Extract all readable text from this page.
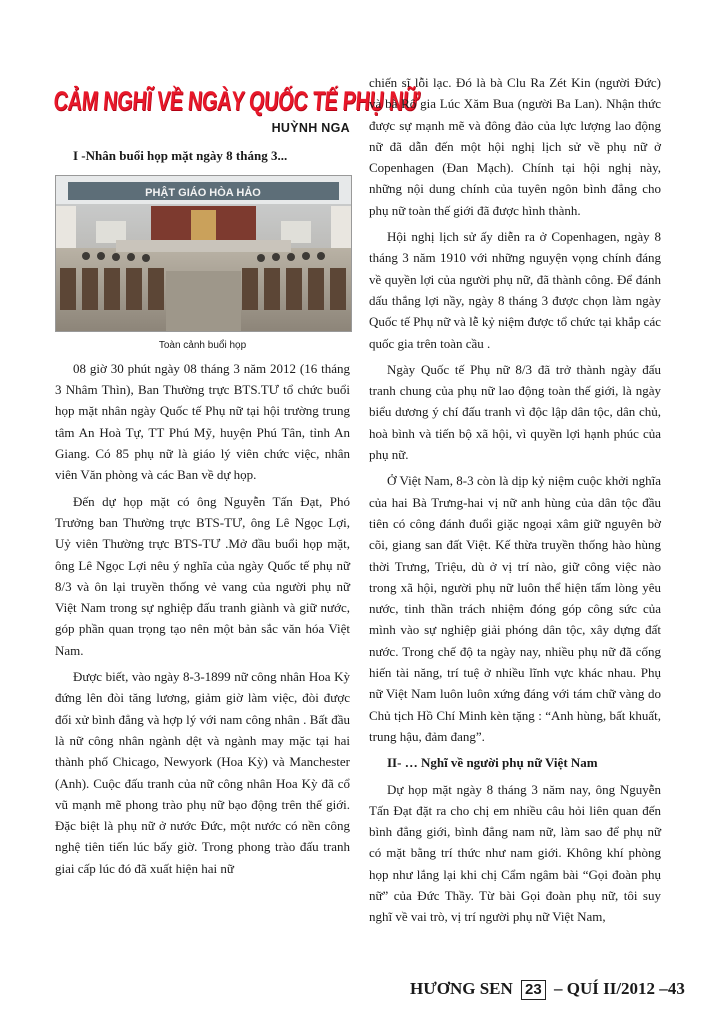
CẢM NGHĨ VỀ NGÀY QUỐC TẾ PHỤ NỮ
HUỲNH NGA
I -Nhân buổi họp mặt ngày 8 tháng 3...
PHẬT GIÁO HÒA HẢO
Toàn cảnh buổi họp

08 giờ 30 phút ngày 08 tháng 3 năm 2012 (16 tháng 3 Nhâm Thìn), Ban Thường trực BTS.TƯ tổ chức buổi họp mặt nhân ngày Quốc tế Phụ nữ tại hội trường trung tâm An Hoà Tự, TT Phú Mỹ, huyện Phú Tân, tỉnh An Giang. Có 85 phụ nữ là giáo lý viên chức việc, nhân viên Văn phòng và các Ban về dự họp.

Đến dự họp mặt có ông Nguyễn Tấn Đạt, Phó Trưởng ban Thường trực BTS-TƯ, ông Lê Ngọc Lợi, Uỷ viên Thường trực BTS-TƯ .Mở đầu buổi họp mặt, ông Lê Ngọc Lợi nêu ý nghĩa của ngày Quốc tế phụ nữ 8/3 và ôn lại truyền thống vẻ vang của người phụ nữ Việt Nam trong sự nghiệp đấu tranh giành và giữ nước, góp phần quan trọng tạo nên một bản sắc văn hóa Việt Nam.

Được biết, vào ngày 8-3-1899 nữ công nhân Hoa Kỳ đứng lên đòi tăng lương, giảm giờ làm việc, đòi được đối xử bình đẳng và hợp lý với nam công nhân . Bất đầu là nữ công nhân ngành dệt và ngành may mặc tại hai thành phố Chicago, Newyork (Hoa Kỳ) và Manchester (Anh). Cuộc đấu tranh của nữ công nhân Hoa Kỳ đã cổ vũ mạnh mẽ phong trào phụ nữ bạo động trên thế giới. Đặc biệt là phụ nữ ở nước Đức, một nước có nền công nghệ tiên tiến lúc bấy giờ. Trong phong trào đấu tranh giai cấp lúc đó đã xuất hiện hai nữ

chiến sĩ lỗi lạc. Đó là bà Clu Ra Zét Kin (người Đức) và bà Rô gia Lúc Xăm Bua (người Ba Lan). Nhận thức được sự mạnh mẽ và đông đảo của lực lượng lao động nữ đã dẫn đến một hội nghị lịch sử về phụ nữ ở Copenhagen (Đan Mạch). Chính tại hội nghị này, những nội dung chính của tuyên ngôn bình đẳng cho phụ nữ toàn thế giới đã được hình thành.

Hội nghị lịch sử ấy diễn ra ở Copenhagen, ngày 8 tháng 3 năm 1910 với những nguyện vọng chính đáng về quyền lợi của người phụ nữ, đã thành công. Để đánh dấu thắng lợi nầy, ngày 8 tháng 3 được chọn làm ngày Quốc tế Phụ nữ và lễ kỷ niệm được tổ chức tại khắp các quốc gia trên toàn cầu .

Ngày Quốc tế Phụ nữ 8/3 đã trở thành ngày đấu tranh chung của phụ nữ lao động toàn thế giới, là ngày biểu dương ý chí đấu tranh vì độc lập dân tộc, dân chủ, hoà bình và tiến bộ xã hội, vì quyền lợi hạnh phúc của phụ nữ.

Ở Việt Nam, 8-3 còn là dịp kỷ niệm cuộc khởi nghĩa của hai Bà Trưng-hai vị nữ anh hùng của dân tộc đầu tiên có công đánh đuổi giặc ngoại xâm giữ nguyên bờ cõi, giang san đất Việt. Kế thừa truyền thống hào hùng thời Trưng, Triệu, dù ở vị trí nào, giữ công việc nào trong xã hội, người phụ nữ luôn thể hiện tấm lòng yêu nước, tinh thần trách nhiệm đóng góp công sức của mình vào sự nghiệp giải phóng dân tộc, xây dựng đất nước. Trong chế độ ta ngày nay, nhiều phụ nữ đã cống hiến tài năng, trí tuệ ở nhiều lĩnh vực khác nhau. Phụ nữ Việt Nam luôn luôn xứng đáng với tám chữ vàng do Chủ tịch Hồ Chí Minh kèn tặng : “Anh hùng, bất khuất, trung hậu, đảm đang”.

II- … Nghĩ về người phụ nữ Việt Nam

Dự họp mặt ngày 8 tháng 3 năm nay, ông Nguyễn Tấn Đạt đặt ra cho chị em nhiều câu hỏi liên quan đến bình đẳng giới, bình đẳng nam nữ, làm sao để phụ nữ có mặt bằng trí thức như nam giới. Không khí phòng họp như lắng lại khi chị Cẩm ngâm bài “Gọi đoàn phụ nữ” của Đức Thầy. Từ bài Gọi đoàn phụ nữ, tôi suy nghĩ về vai trò, vị trí người phụ nữ Việt Nam,

HƯƠNG SEN 23 – QUÍ II/2012 –43
